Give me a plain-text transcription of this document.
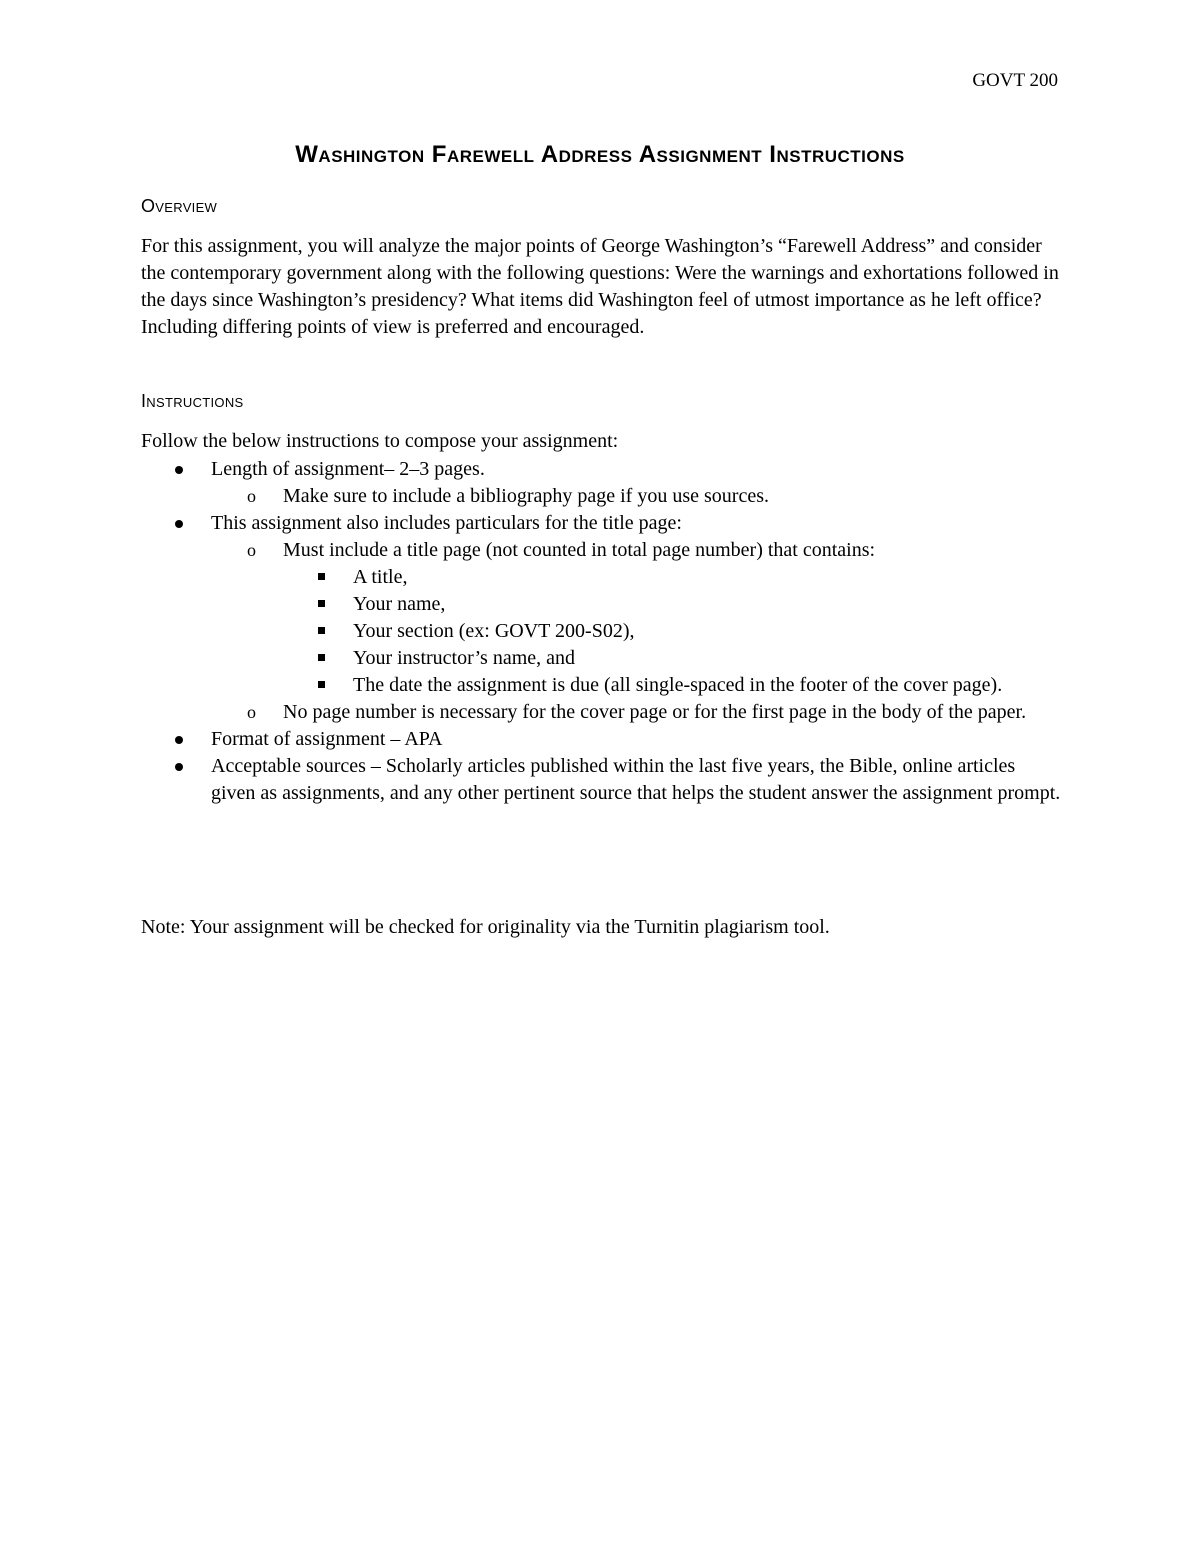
GOVT 200
Washington Farewell Address Assignment Instructions
Overview

For this assignment, you will analyze the major points of George Washington’s “Farewell Address” and consider the contemporary government along with the following questions: Were the warnings and exhortations followed in the days since Washington’s presidency? What items did Washington feel of utmost importance as he left office? Including differing points of view is preferred and encouraged.

Instructions

Follow the below instructions to compose your assignment:

Length of assignment– 2–3 pages.
o Make sure to include a bibliography page if you use sources.
This assignment also includes particulars for the title page:
o Must include a title page (not counted in total page number) that contains:
A title,
Your name,
Your section (ex: GOVT 200-S02),
Your instructor’s name, and
The date the assignment is due (all single-spaced in the footer of the cover page).
o No page number is necessary for the cover page or for the first page in the body of the paper.
Format of assignment – APA
Acceptable sources – Scholarly articles published within the last five years, the Bible, online articles given as assignments, and any other pertinent source that helps the student answer the assignment prompt.

Note: Your assignment will be checked for originality via the Turnitin plagiarism tool.
